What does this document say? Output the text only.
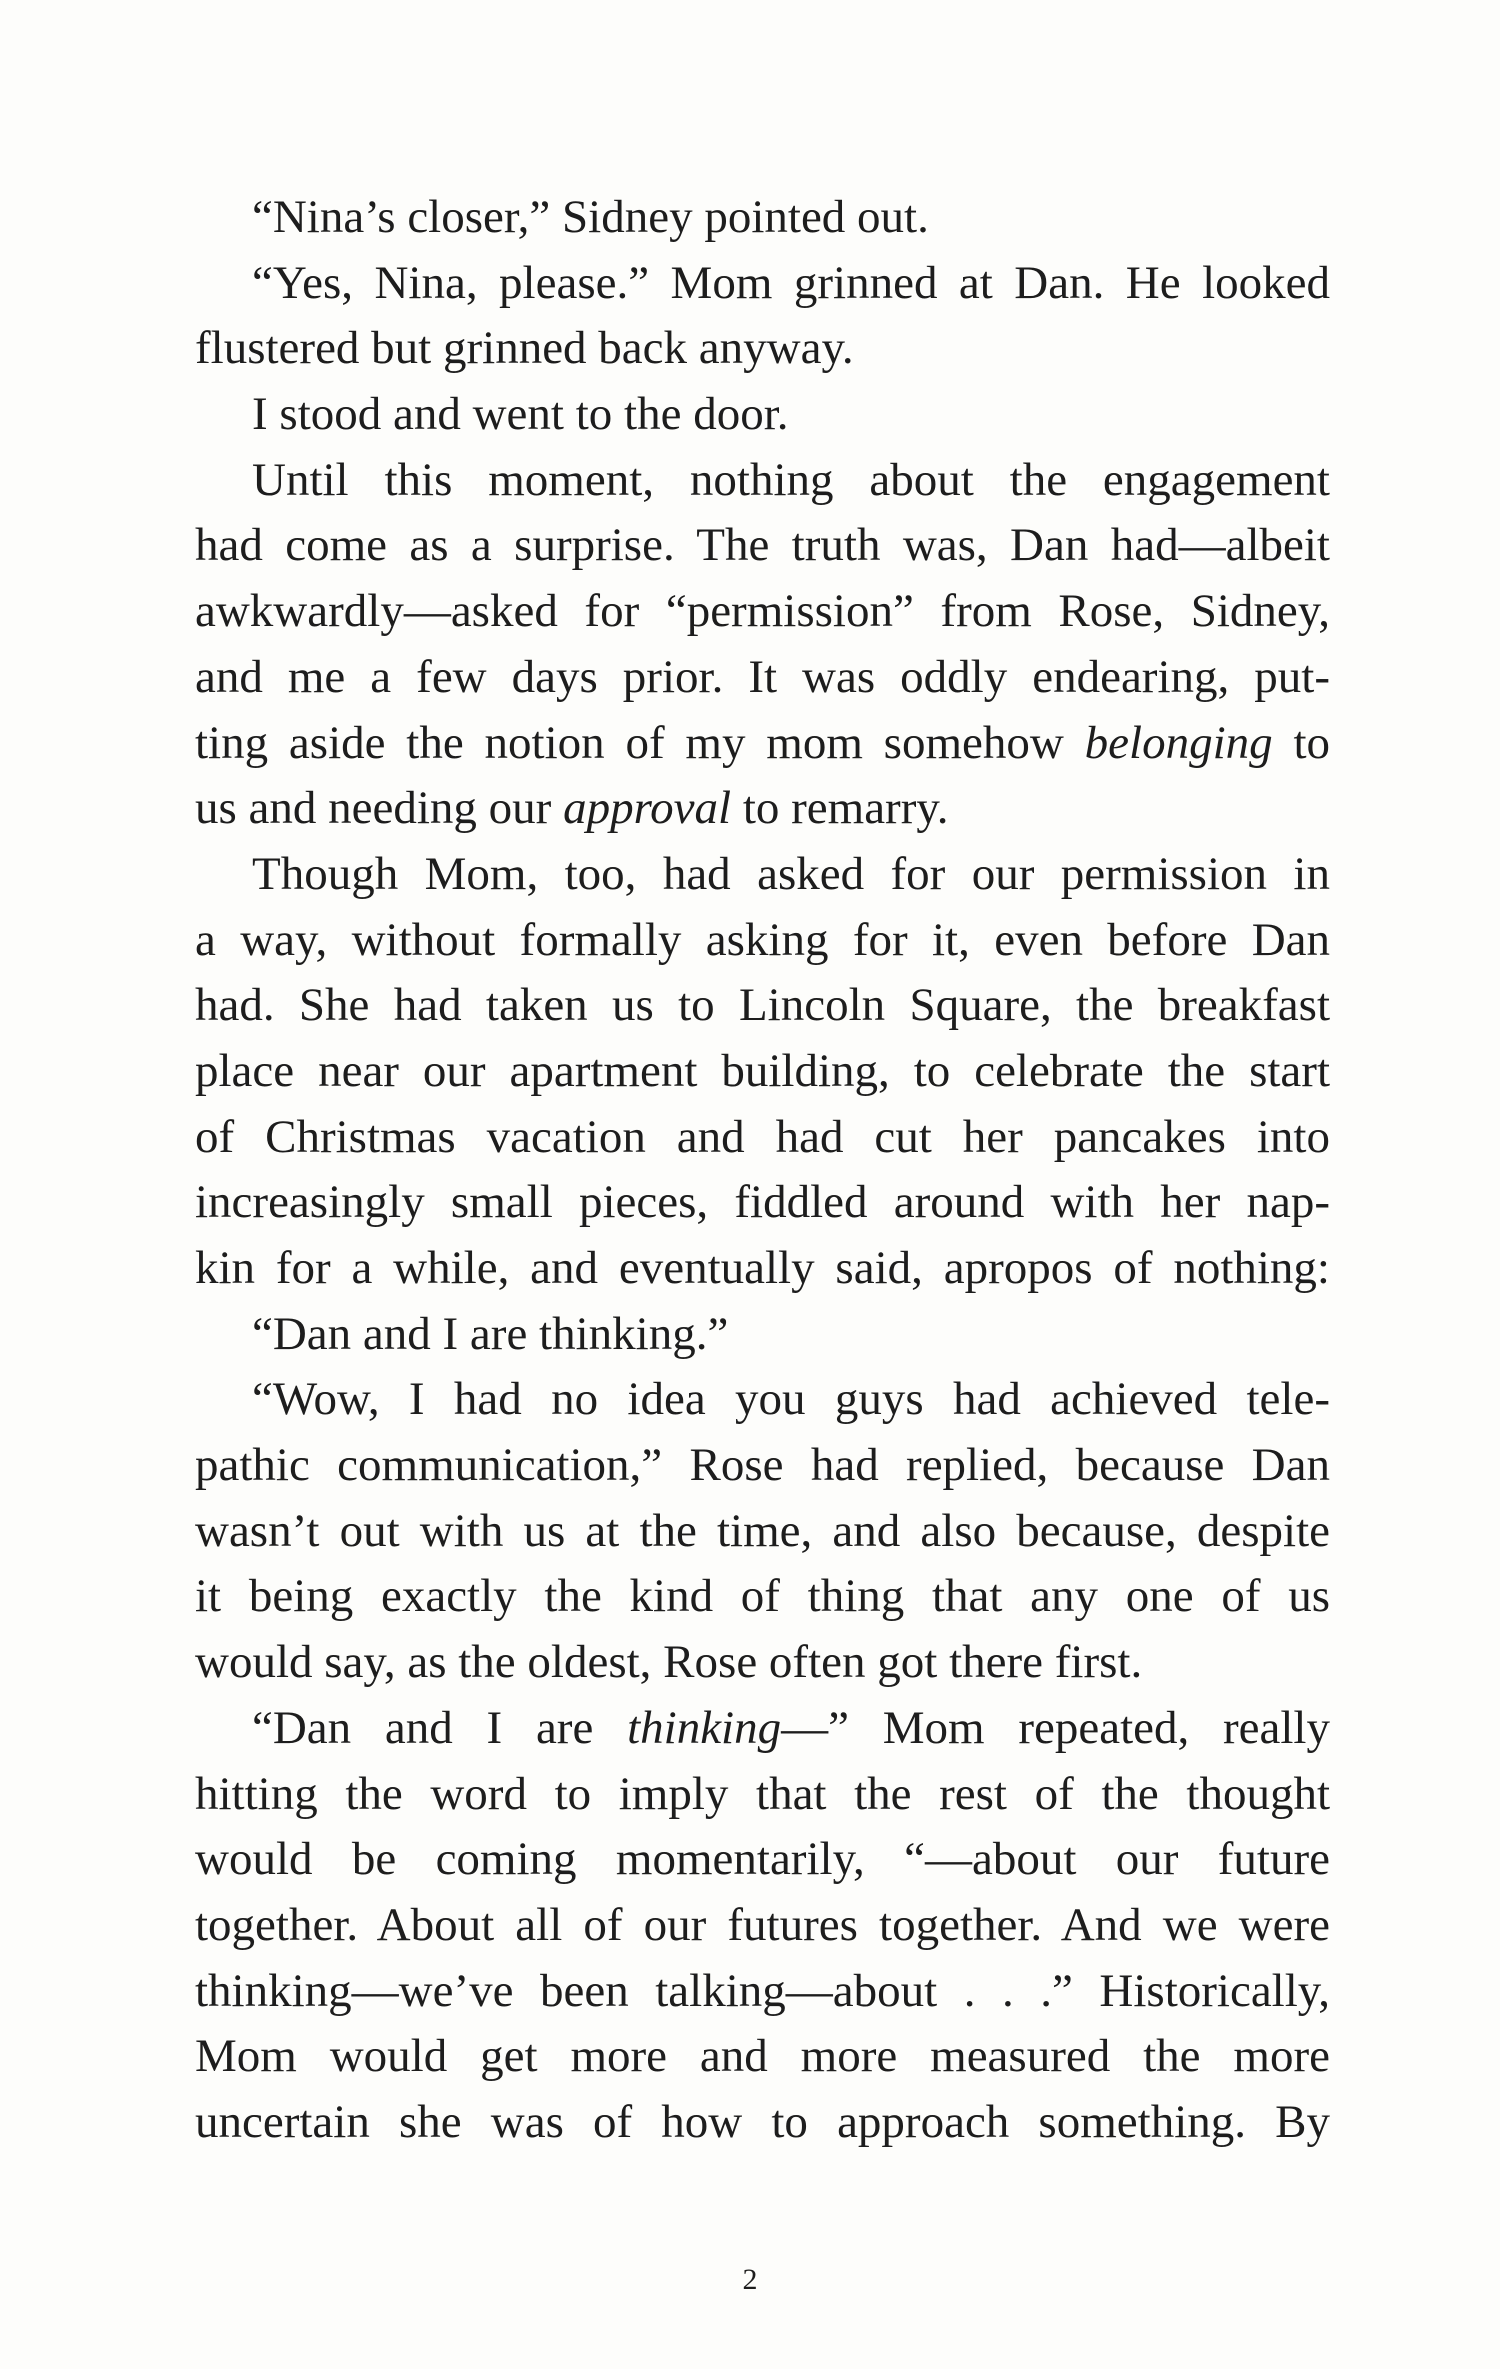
“Nina’s closer,” Sidney pointed out.
“Yes, Nina, please.” Mom grinned at Dan. He looked
flustered but grinned back anyway.
I stood and went to the door.
Until this moment, nothing about the engagement
had come as a surprise. The truth was, Dan had—albeit
awkwardly—asked for “permission” from Rose, Sidney,
and me a few days prior. It was oddly endearing, put-
ting aside the notion of my mom somehow belonging to
us and needing our approval to remarry.
Though Mom, too, had asked for our permission in
a way, without formally asking for it, even before Dan
had. She had taken us to Lincoln Square, the breakfast
place near our apartment building, to celebrate the start
of Christmas vacation and had cut her pancakes into
increasingly small pieces, fiddled around with her nap-
kin for a while, and eventually said, apropos of nothing:
“Dan and I are thinking.”
“Wow, I had no idea you guys had achieved tele-
pathic communication,” Rose had replied, because Dan
wasn’t out with us at the time, and also because, despite
it being exactly the kind of thing that any one of us
would say, as the oldest, Rose often got there first.
“Dan and I are thinking—” Mom repeated, really
hitting the word to imply that the rest of the thought
would be coming momentarily, “—about our future
together. About all of our futures together. And we were
thinking—we’ve been talking—about . . .” Historically,
Mom would get more and more measured the more
uncertain she was of how to approach something. By
2
